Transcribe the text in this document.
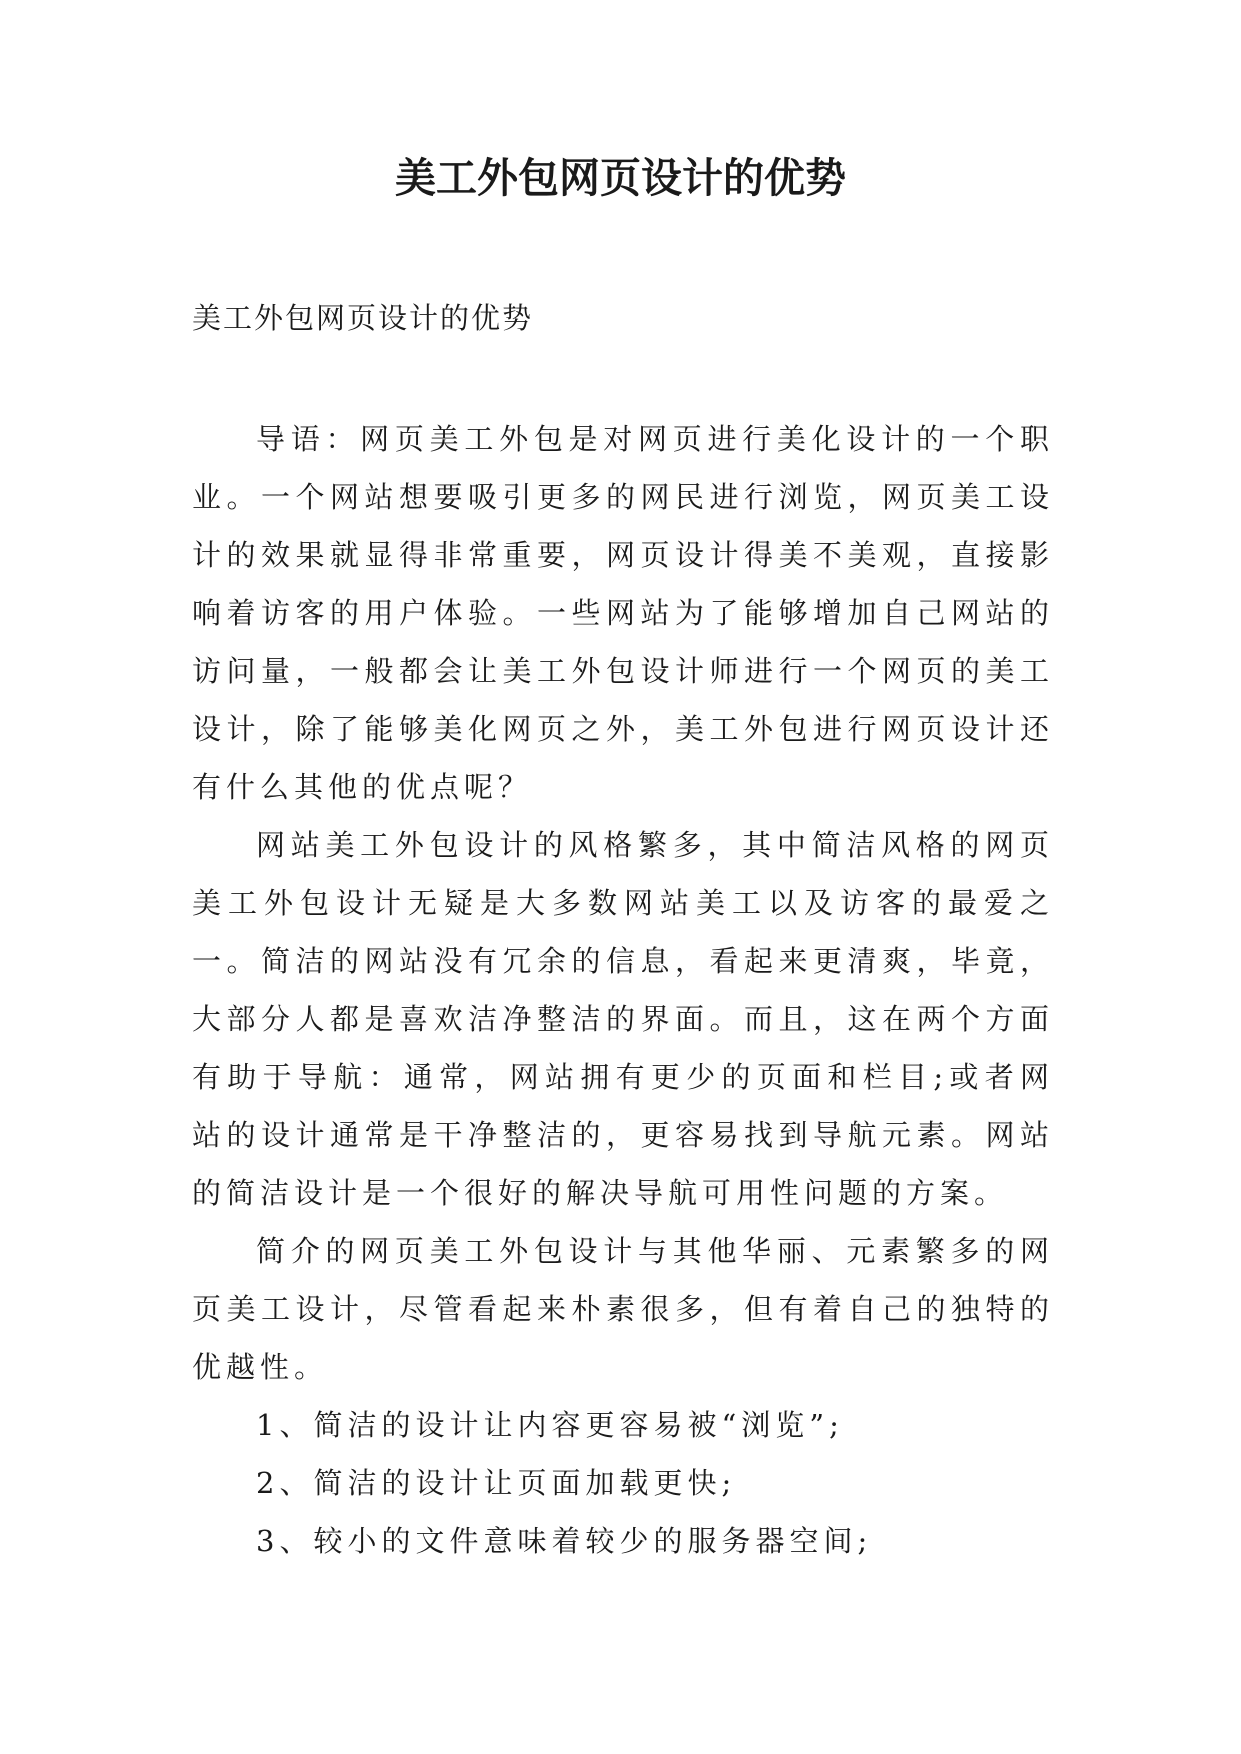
美工外包网页设计的优势
美工外包网页设计的优势

导语：网页美工外包是对网页进行美化设计的一个职业。一个网站想要吸引更多的网民进行浏览，网页美工设计的效果就显得非常重要，网页设计得美不美观，直接影响着访客的用户体验。一些网站为了能够增加自己网站的访问量，一般都会让美工外包设计师进行一个网页的美工设计，除了能够美化网页之外，美工外包进行网页设计还有什么其他的优点呢？

网站美工外包设计的风格繁多，其中简洁风格的网页美工外包设计无疑是大多数网站美工以及访客的最爱之一。简洁的网站没有冗余的信息，看起来更清爽，毕竟，大部分人都是喜欢洁净整洁的界面。而且，这在两个方面有助于导航：通常，网站拥有更少的页面和栏目;或者网站的设计通常是干净整洁的，更容易找到导航元素。网站的简洁设计是一个很好的解决导航可用性问题的方案。

简介的网页美工外包设计与其他华丽、元素繁多的网页美工设计，尽管看起来朴素很多，但有着自己的独特的优越性。

1、简洁的设计让内容更容易被“浏览”;

2、简洁的设计让页面加载更快;

3、较小的文件意味着较少的服务器空间;
